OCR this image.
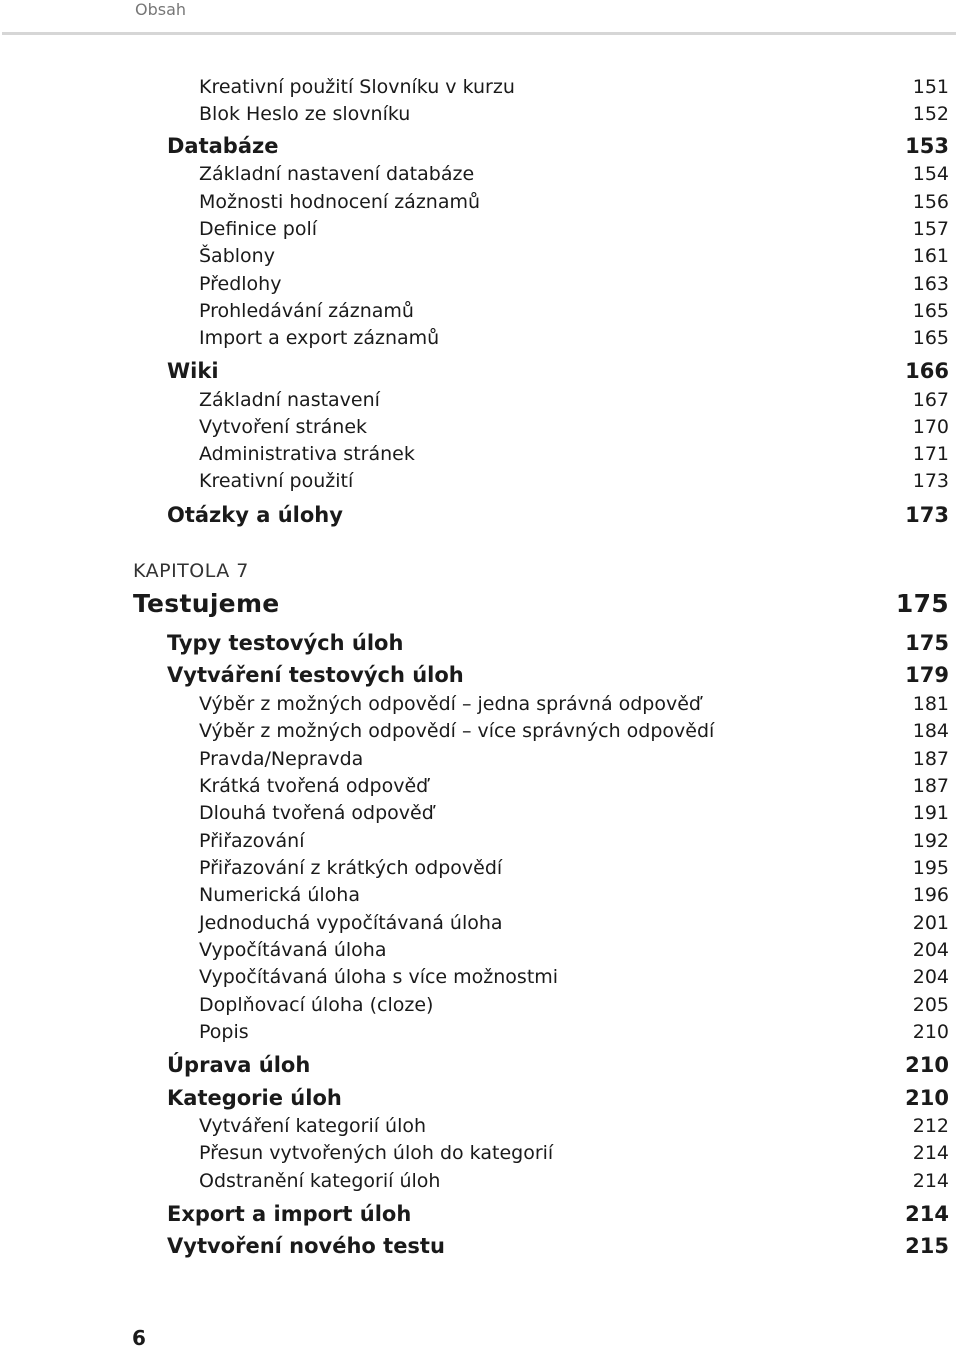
Obsah
Kreativní použití Slovníku v kurzu	151
Blok Heslo ze slovníku	152
Databáze	153
Základní nastavení databáze	154
Možnosti hodnocení záznamů	156
Definice polí	157
Šablony	161
Předlohy	163
Prohledávání záznamů	165
Import a export záznamů	165
Wiki	166
Základní nastavení	167
Vytvoření stránek	170
Administrativa stránek	171
Kreativní použití	173
Otázky a úlohy	173
KAPITOLA 7
Testujeme	175
Typy testových úloh	175
Vytváření testových úloh	179
Výběr z možných odpovědí – jedna správná odpověď	181
Výběr z možných odpovědí – více správných odpovědí	184
Pravda/Nepravda	187
Krátká tvořená odpověď	187
Dlouhá tvořená odpověď	191
Přiřazování	192
Přiřazování z krátkých odpovědí	195
Numerická úloha	196
Jednoduchá vypočítávaná úloha	201
Vypočítávaná úloha	204
Vypočítávaná úloha s více možnostmi	204
Doplňovací úloha (cloze)	205
Popis	210
Úprava úloh	210
Kategorie úloh	210
Vytváření kategorií úloh	212
Přesun vytvořených úloh do kategorií	214
Odstranění kategorií úloh	214
Export a import úloh	214
Vytvoření nového testu	215
6
